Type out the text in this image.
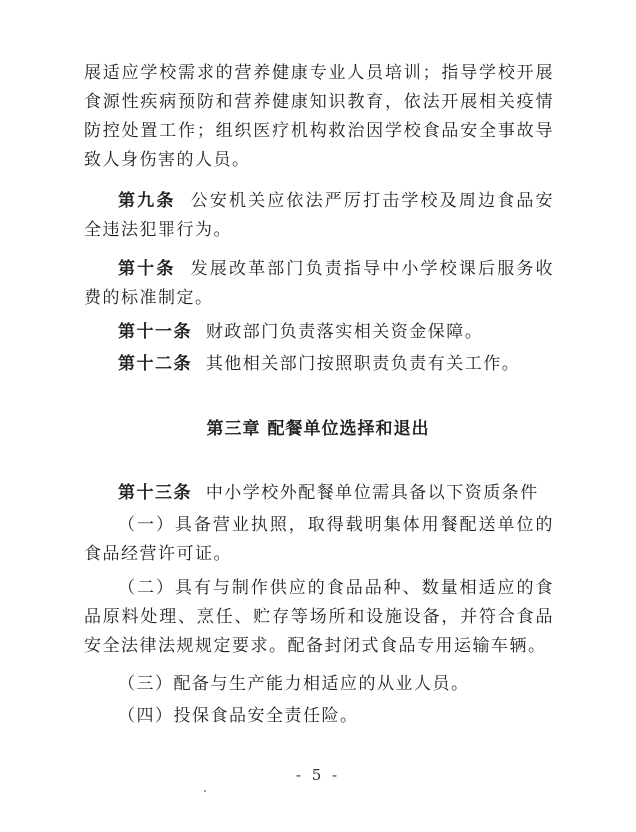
展适应学校需求的营养健康专业人员培训；指导学校开展食源性疾病预防和营养健康知识教育，依法开展相关疫情防控处置工作；组织医疗机构救治因学校食品安全事故导致人身伤害的人员。

第九条 公安机关应依法严厉打击学校及周边食品安全违法犯罪行为。

第十条 发展改革部门负责指导中小学校课后服务收费的标准制定。

第十一条 财政部门负责落实相关资金保障。

第十二条 其他相关部门按照职责负责有关工作。

第三章 配餐单位选择和退出

第十三条 中小学校外配餐单位需具备以下资质条件

（一）具备营业执照，取得载明集体用餐配送单位的食品经营许可证。

（二）具有与制作供应的食品品种、数量相适应的食品原料处理、烹任、贮存等场所和设施设备，并符合食品安全法律法规规定要求。配备封闭式食品专用运输车辆。

（三）配备与生产能力相适应的从业人员。

（四）投保食品安全责任险。

- 5 -
